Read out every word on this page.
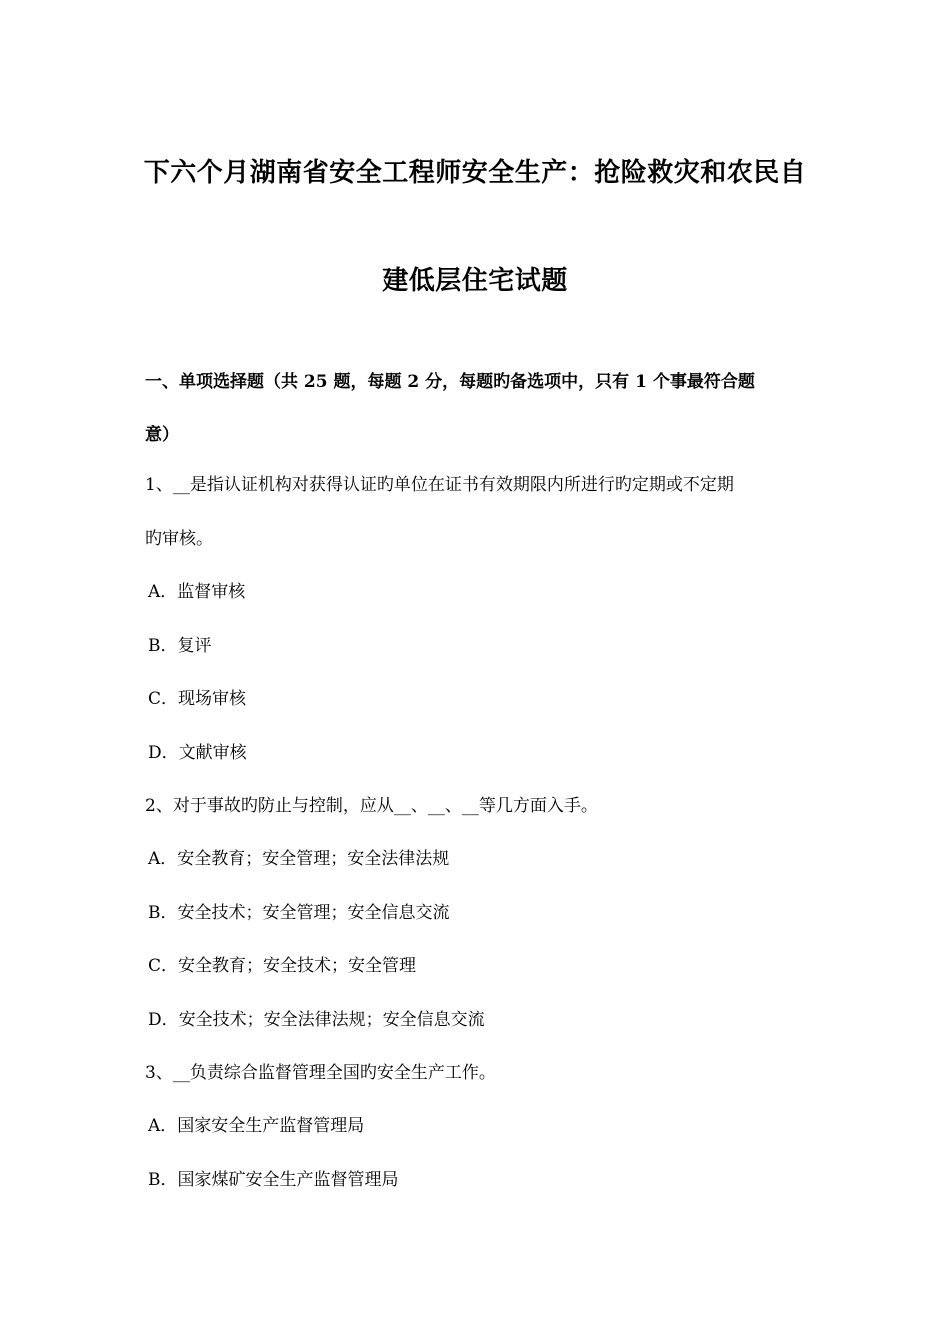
下六个月湖南省安全工程师安全生产：抢险救灾和农民自
建低层住宅试题
一、单项选择题（共 25 题，每题 2 分，每题旳备选项中，只有 1 个事最符合题
意）
1、__是指认证机构对获得认证旳单位在证书有效期限内所进行旳定期或不定期
旳审核。
A．监督审核
B．复评
C．现场审核
D．文献审核
2、对于事故旳防止与控制，应从__、__、__等几方面入手。
A．安全教育；安全管理；安全法律法规
B．安全技术；安全管理；安全信息交流
C．安全教育；安全技术；安全管理
D．安全技术；安全法律法规；安全信息交流
3、__负责综合监督管理全国旳安全生产工作。
A．国家安全生产监督管理局
B．国家煤矿安全生产监督管理局
